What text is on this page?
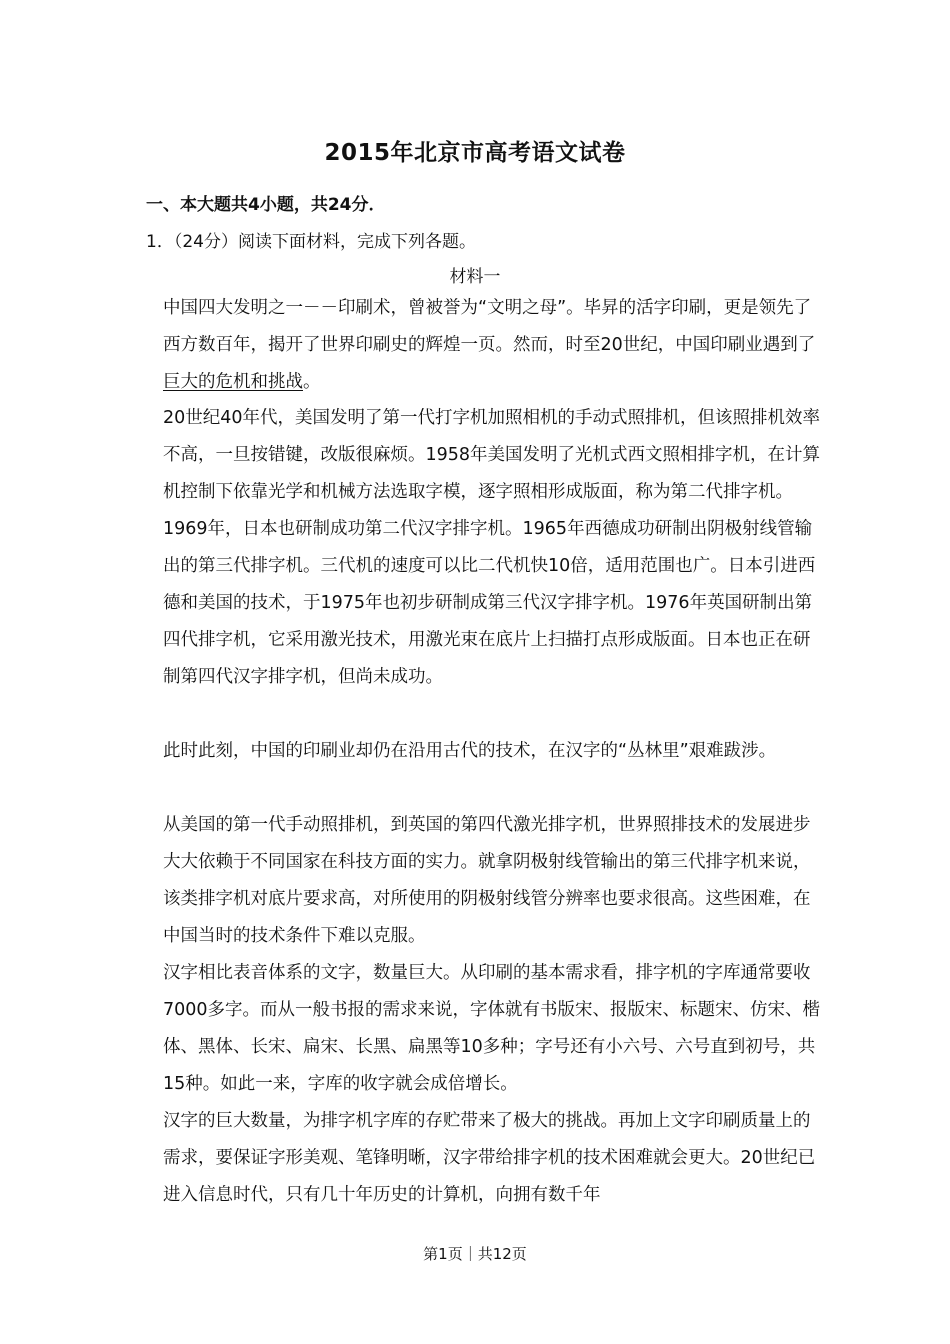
2015年北京市高考语文试卷
一、本大题共4小题，共24分．
1．（24分）阅读下面材料，完成下列各题。
材料一
中国四大发明之一－－印刷术，曾被誉为“文明之母”。毕昇的活字印刷，更是领先了西方数百年，揭开了世界印刷史的辉煌一页。然而，时至20世纪，中国印刷业遇到了巨大的危机和挑战。
20世纪40年代，美国发明了第一代打字机加照相机的手动式照排机，但该照排机效率不高，一旦按错键，改版很麻烦。1958年美国发明了光机式西文照相排字机，在计算机控制下依靠光学和机械方法选取字模，逐字照相形成版面，称为第二代排字机。1969年，日本也研制成功第二代汉字排字机。1965年西德成功研制出阴极射线管输出的第三代排字机。三代机的速度可以比二代机快10倍，适用范围也广。日本引进西德和美国的技术，于1975年也初步研制成第三代汉字排字机。1976年英国研制出第四代排字机，它采用激光技术，用激光束在底片上扫描打点形成版面。日本也正在研制第四代汉字排字机，但尚未成功。
此时此刻，中国的印刷业却仍在沿用古代的技术，在汉字的“丛林里”艰难跋涉。
从美国的第一代手动照排机，到英国的第四代激光排字机，世界照排技术的发展进步大大依赖于不同国家在科技方面的实力。就拿阴极射线管输出的第三代排字机来说，该类排字机对底片要求高，对所使用的阴极射线管分辨率也要求很高。这些困难，在中国当时的技术条件下难以克服。
汉字相比表音体系的文字，数量巨大。从印刷的基本需求看，排字机的字库通常要收7000多字。而从一般书报的需求来说，字体就有书版宋、报版宋、标题宋、仿宋、楷体、黑体、长宋、扁宋、长黑、扁黑等10多种；字号还有小六号、六号直到初号，共15种。如此一来，字库的收字就会成倍增长。
汉字的巨大数量，为排字机字库的存贮带来了极大的挑战。再加上文字印刷质量上的需求，要保证字形美观、笔锋明晰，汉字带给排字机的技术困难就会更大。20世纪已进入信息时代，只有几十年历史的计算机，向拥有数千年
第1页｜共12页
